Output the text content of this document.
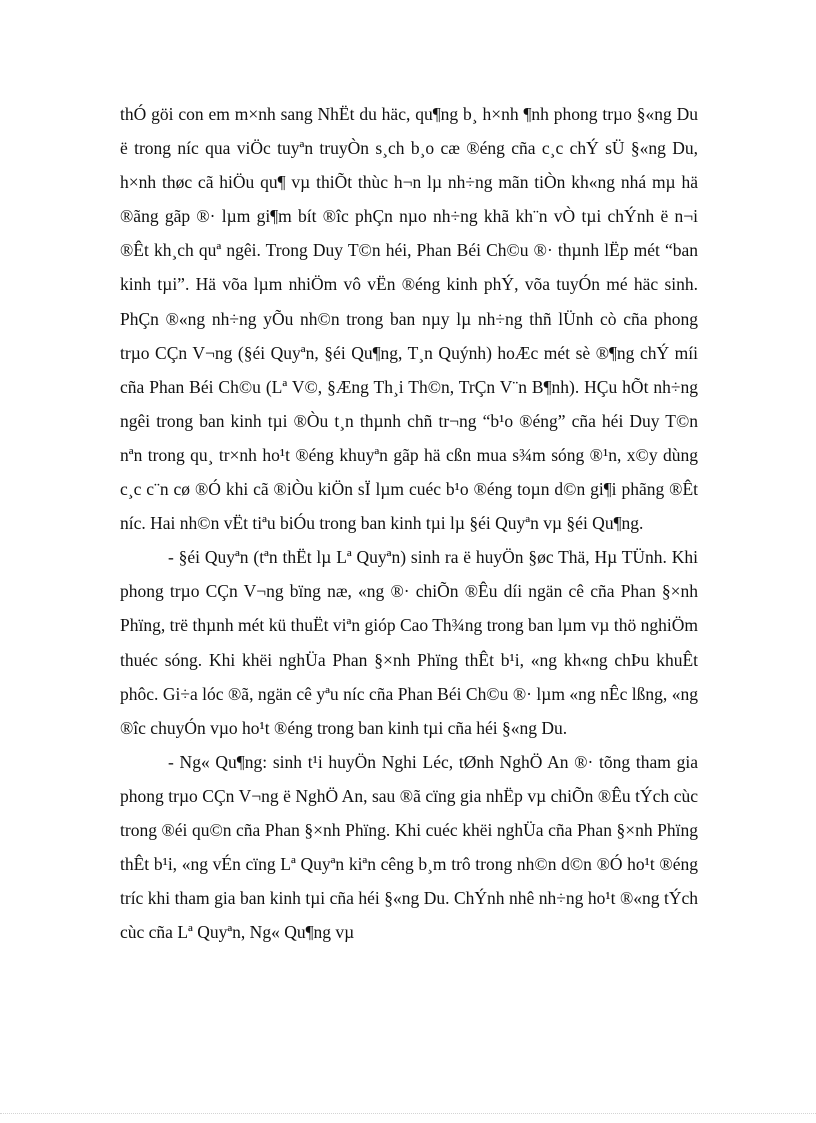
thÓ göi con em m×nh sang NhËt du häc, qu¶ng b¸ h×nh ¶nh phong trµo §«ng Du ë trong níc qua viÖc tuyªn truyÒn s¸ch b¸o cæ ®éng cña c¸c chÝ sÜ §«ng Du, h×nh thøc cã hiÖu qu¶ vµ thiÕt thùc h¬n lµ nh÷ng mãn tiÒn kh«ng nhá mµ hä ®ãng gãp ®· lµm gi¶m bít ®îc phÇn nµo nh÷ng khã kh¨n vÒ tµi chÝnh ë n¬i ®Êt kh¸ch quª ngêi. Trong Duy T©n héi, Phan Béi Ch©u ®· thµnh lËp mét “ban kinh tµi”. Hä võa lµm nhiÖm vô vËn ®éng kinh phÝ, võa tuyÓn mé häc sinh. PhÇn ®«ng nh÷ng yÕu nh©n trong ban nµy lµ nh÷ng thñ lÜnh cò cña phong trµo CÇn V¬ng (§éi Quyªn, §éi Qu¶ng, T¸n Quýnh) hoÆc mét sè ®¶ng chÝ míi cña Phan Béi Ch©u (Lª V©, §Æng Th¸i Th©n, TrÇn V¨n B¶nh). HÇu hÕt nh÷ng ngêi trong ban kinh tµi ®Òu t¸n thµnh chñ tr¬ng “b¹o ®éng” cña héi Duy T©n nªn trong qu¸ tr×nh ho¹t ®éng khuyªn gãp hä cßn mua s¾m sóng ®¹n, x©y dùng c¸c c¨n cø ®Ó khi cã ®iÒu kiÖn sÏ lµm cuéc b¹o ®éng toµn d©n gi¶i phãng ®Êt níc. Hai nh©n vËt tiªu biÓu trong ban kinh tµi lµ §éi Quyªn vµ §éi Qu¶ng.

- §éi Quyªn (tªn thËt lµ Lª Quyªn) sinh ra ë huyÖn §øc Thä, Hµ TÜnh. Khi phong trµo CÇn V¬ng bïng næ, «ng ®· chiÕn ®Êu díi ngän cê cña Phan §×nh Phïng, trë thµnh mét kü thuËt viªn gióp Cao Th¾ng trong ban lµm vµ thö nghiÖm thuéc sóng. Khi khëi nghÜa Phan §×nh Phïng thÊt b¹i, «ng kh«ng chÞu khuÊt phôc. Gi÷a lóc ®ã, ngän cê yªu níc cña Phan Béi Ch©u ®· lµm «ng nÊc lßng, «ng ®îc chuyÓn vµo ho¹t ®éng trong ban kinh tµi cña héi §«ng Du.

- Ng« Qu¶ng: sinh t¹i huyÖn Nghi Léc, tØnh NghÖ An ®· tõng tham gia phong trµo CÇn V¬ng ë NghÖ An, sau ®ã cïng gia nhËp vµ chiÕn ®Êu tÝch cùc trong ®éi qu©n cña Phan §×nh Phïng. Khi cuéc khëi nghÜa cña Phan §×nh Phïng thÊt b¹i, «ng vÉn cïng Lª Quyªn kiªn cêng b¸m trô trong nh©n d©n ®Ó ho¹t ®éng tríc khi tham gia ban kinh tµi cña héi §«ng Du. ChÝnh nhê nh÷ng ho¹t ®«ng tÝch cùc cña Lª Quyªn, Ng« Qu¶ng vµ
